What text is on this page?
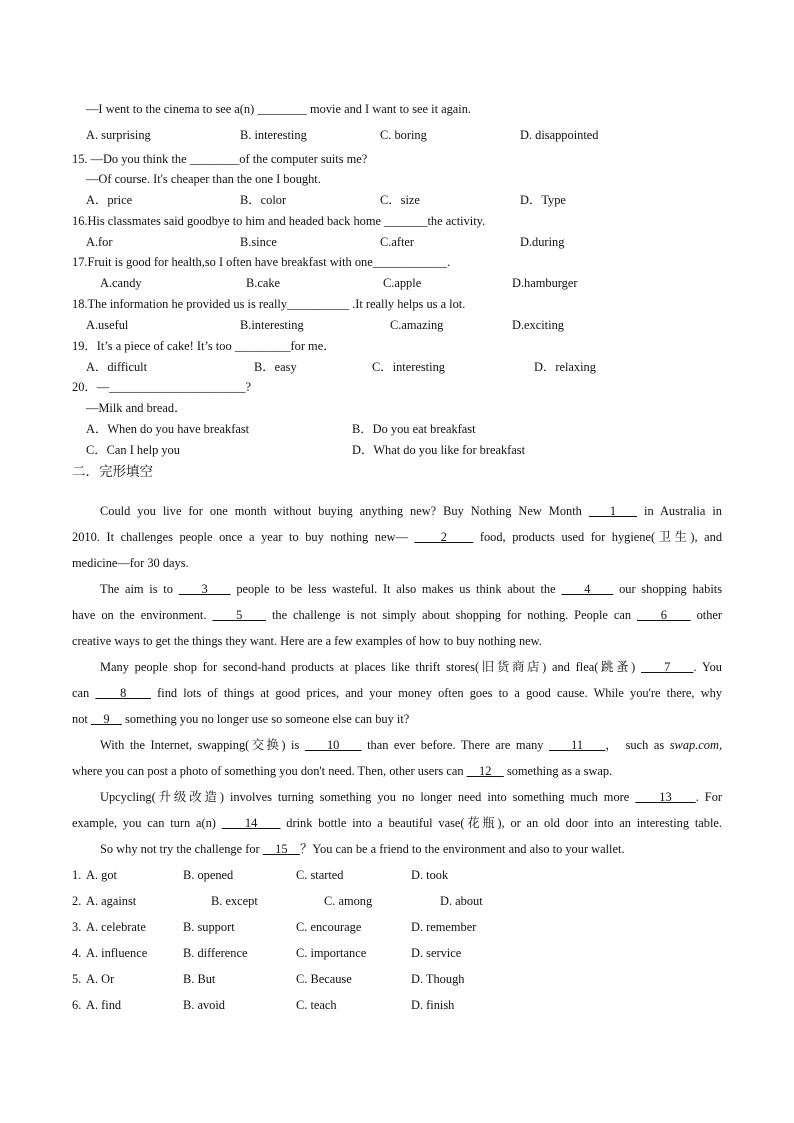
—I went to the cinema to see a(n) ________ movie and I want to see it again.
A. surprising	B. interesting	C. boring	D. disappointed
15. —Do you think the ________of the computer suits me?
—Of course. It's cheaper than the one I bought.
A．price	B．color	C．size	D．Type
16.His classmates said goodbye to him and headed back home _______the activity.
A.for	B.since	C.after	D.during
17.Fruit is good for health,so I often have breakfast with one____________.
A.candy	B.cake	C.apple	D.hamburger
18.The information he provided us is really__________ .It really helps us a lot.
A.useful	B.interesting	C.amazing	D.exciting
19．It’s a piece of cake! It’s too _________for me．
A．difficult	B．easy	C．interesting	D．relaxing
20．—______________________?
—Milk and bread．
A．When do you have breakfast	B．Do you eat breakfast
C．Can I help you	D．What do you like for breakfast
二．完形填空
Could you live for one month without buying anything new? Buy Nothing New Month    1    in Australia in
2010. It challenges people once a year to buy nothing new—     2     food, products used for hygiene(卫生), and
medicine—for 30 days.
The aim is to     3     people to be less wasteful. It also makes us think about the     4     our shopping habits
have on the environment.     5     the challenge is not simply about shopping for nothing. People can     6     other
creative ways to get the things they want. Here are a few examples of how to buy nothing new.
Many people shop for second-hand products at places like thrift stores(旧货商店) and flea(跳蚤)     7 . You
can     8     find lots of things at good prices, and your money often goes to a good cause. While you're there, why
not     9     something you no longer use so someone else can buy it?
With the Internet, swapping(交换) is     10     than ever before. There are many     11 ， such as swap.com,
where you can post a photo of something you don't need. Then, other users can     12     something as a swap.
Upcycling(升级改造) involves turning something you no longer need into something much more     13 . For
example, you can turn a(n)     14     drink bottle into a beautiful vase(花瓶), or an old door into an interesting table.
So why not try the challenge for     15 ？You can be a friend to the environment and also to your wallet.
1. A. got	B. opened	C. started	D. took
2. A. against	B. except	C. among	D. about
3. A. celebrate	B. support	C. encourage	D. remember
4. A. influence	B. difference	C. importance	D. service
5. A. Or	B. But	C. Because	D. Though
6. A. find	B. avoid	C. teach	D. finish
